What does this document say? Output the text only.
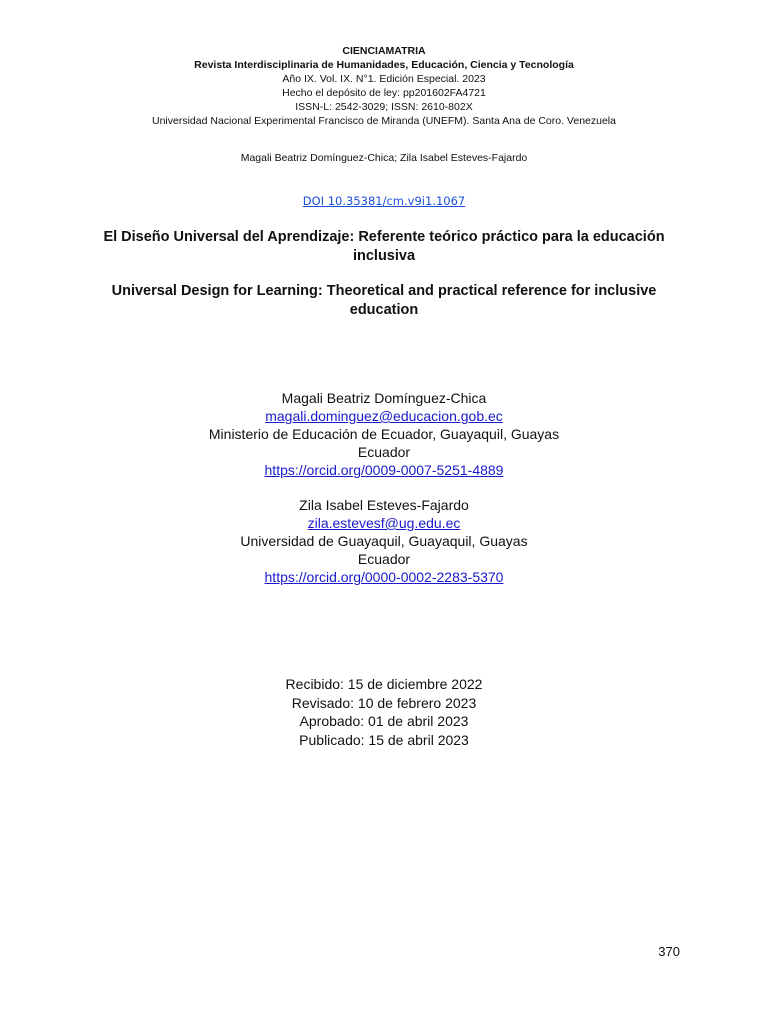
CIENCIAMATRIA
Revista Interdisciplinaria de Humanidades, Educación, Ciencia y Tecnología
Año IX. Vol. IX. N°1. Edición Especial. 2023
Hecho el depósito de ley: pp201602FA4721
ISSN-L: 2542-3029; ISSN: 2610-802X
Universidad Nacional Experimental Francisco de Miranda (UNEFM). Santa Ana de Coro. Venezuela
Magali Beatriz Domínguez-Chica; Zila Isabel Esteves-Fajardo
DOI 10.35381/cm.v9i1.1067
El Diseño Universal del Aprendizaje: Referente teórico práctico para la educación inclusiva
Universal Design for Learning: Theoretical and practical reference for inclusive education
Magali Beatriz Domínguez-Chica
magali.dominguez@educacion.gob.ec
Ministerio de Educación de Ecuador, Guayaquil, Guayas
Ecuador
https://orcid.org/0009-0007-5251-4889
Zila Isabel Esteves-Fajardo
zila.estevesf@ug.edu.ec
Universidad de Guayaquil, Guayaquil, Guayas
Ecuador
https://orcid.org/0000-0002-2283-5370
Recibido: 15 de diciembre 2022
Revisado: 10 de febrero 2023
Aprobado: 01 de abril 2023
Publicado: 15 de abril 2023
370
